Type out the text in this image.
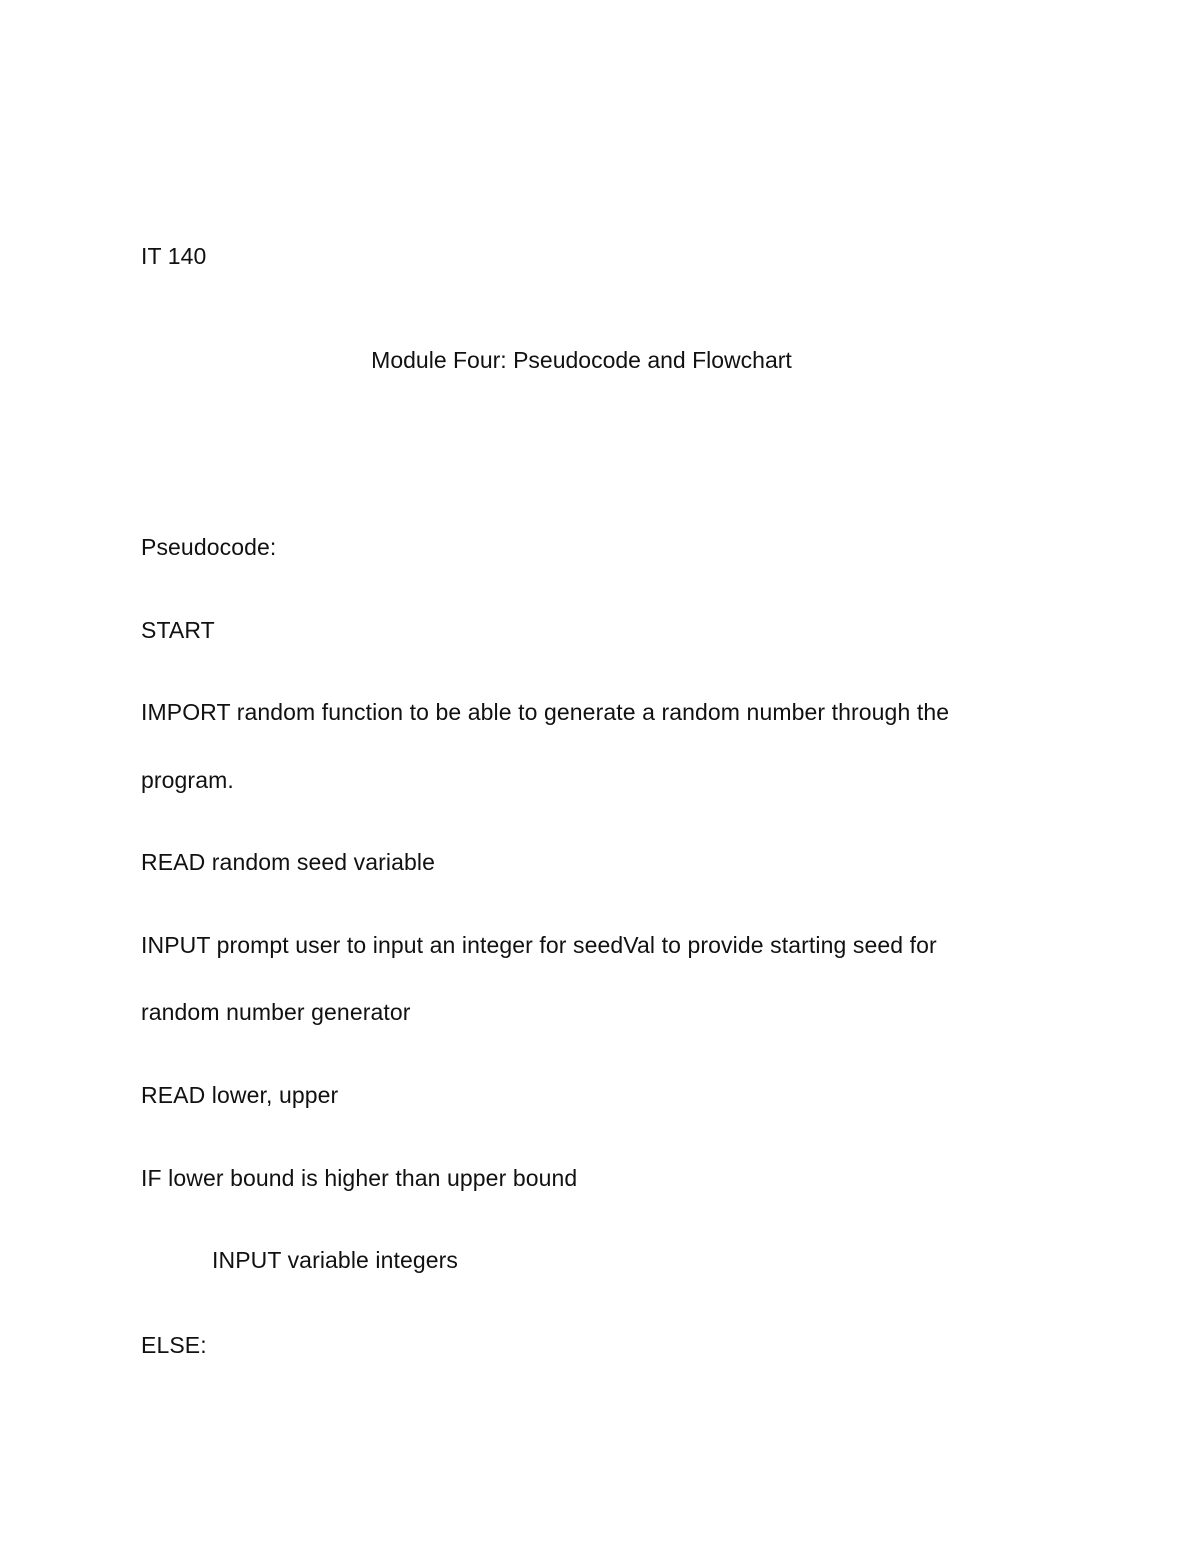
IT 140
Module Four: Pseudocode and Flowchart
Pseudocode:
START
IMPORT random function to be able to generate a random number through the
program.
READ random seed variable
INPUT prompt user to input an integer for seedVal to provide starting seed for
random number generator
READ lower, upper
IF lower bound is higher than upper bound
INPUT variable integers
ELSE:
